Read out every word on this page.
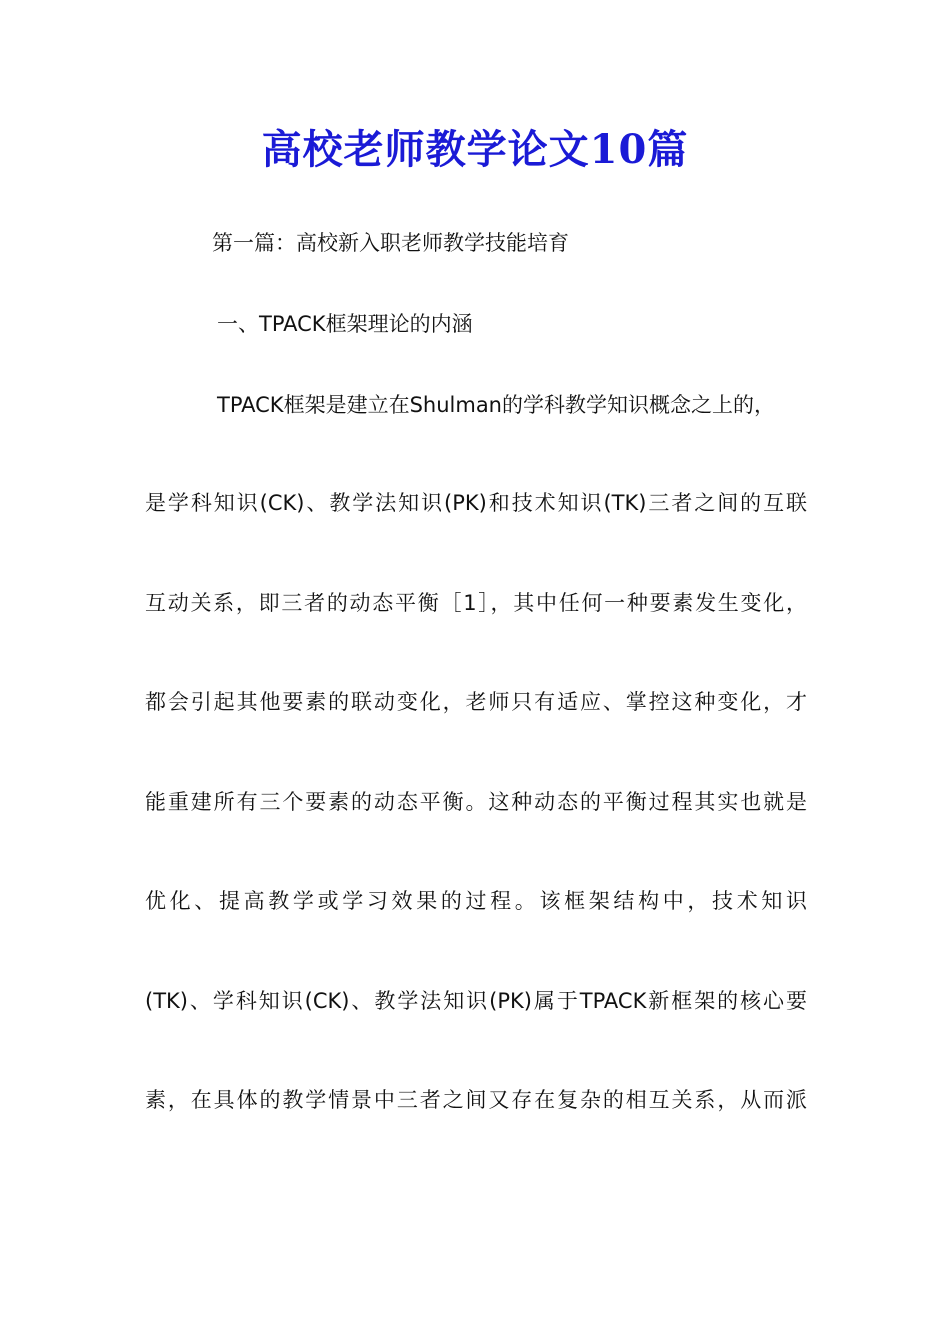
高校老师教学论文10篇
第一篇：高校新入职老师教学技能培育
一、TPACK框架理论的内涵
TPACK框架是建立在Shulman的学科教学知识概念之上的，
是学科知识(CK)、教学法知识(PK)和技术知识(TK)三者之间的互联
互动关系，即三者的动态平衡［1］，其中任何一种要素发生变化，
都会引起其他要素的联动变化，老师只有适应、掌控这种变化，才
能重建所有三个要素的动态平衡。这种动态的平衡过程其实也就是
优化、提高教学或学习效果的过程。该框架结构中，技术知识
(TK)、学科知识(CK)、教学法知识(PK)属于TPACK新框架的核心要
素，在具体的教学情景中三者之间又存在复杂的相互关系，从而派
